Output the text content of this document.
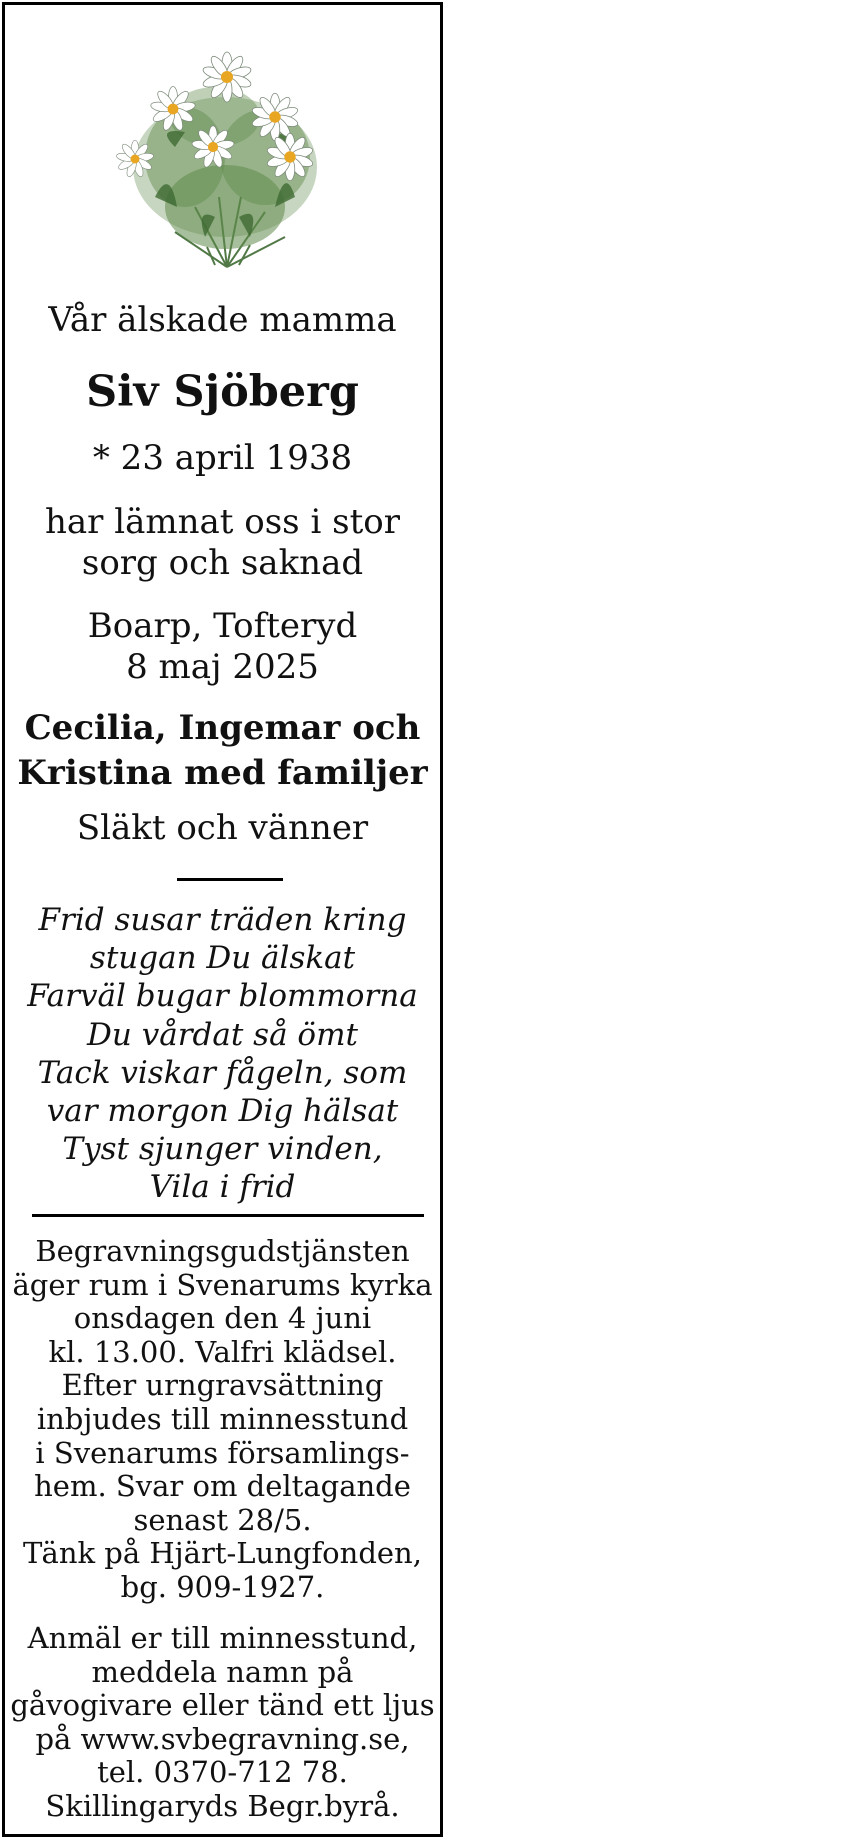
Vår älskade mamma

Siv Sjöberg

* 23 april 1938

har lämnat oss i stor

sorg och saknad

Boarp, Tofteryd

8 maj 2025

Cecilia, Ingemar och

Kristina med familjer

Släkt och vänner

Frid susar träden kring
stugan Du älskat
Farväl bugar blommorna
Du vårdat så ömt
Tack viskar fågeln, som
var morgon Dig hälsat
Tyst sjunger vinden,
Vila i frid
Begravningsgudstjänsten
äger rum i Svenarums kyrka
onsdagen den 4 juni
kl. 13.00. Valfri klädsel.
Efter urngravsättning
inbjudes till minnesstund
i Svenarums församlings-
hem. Svar om deltagande
senast 28/5.
Tänk på Hjärt-Lungfonden,
bg. 909-1927.
Anmäl er till minnesstund,
meddela namn på
gåvogivare eller tänd ett ljus
på www.svbegravning.se,
tel. 0370-712 78.
Skillingaryds Begr.byrå.
